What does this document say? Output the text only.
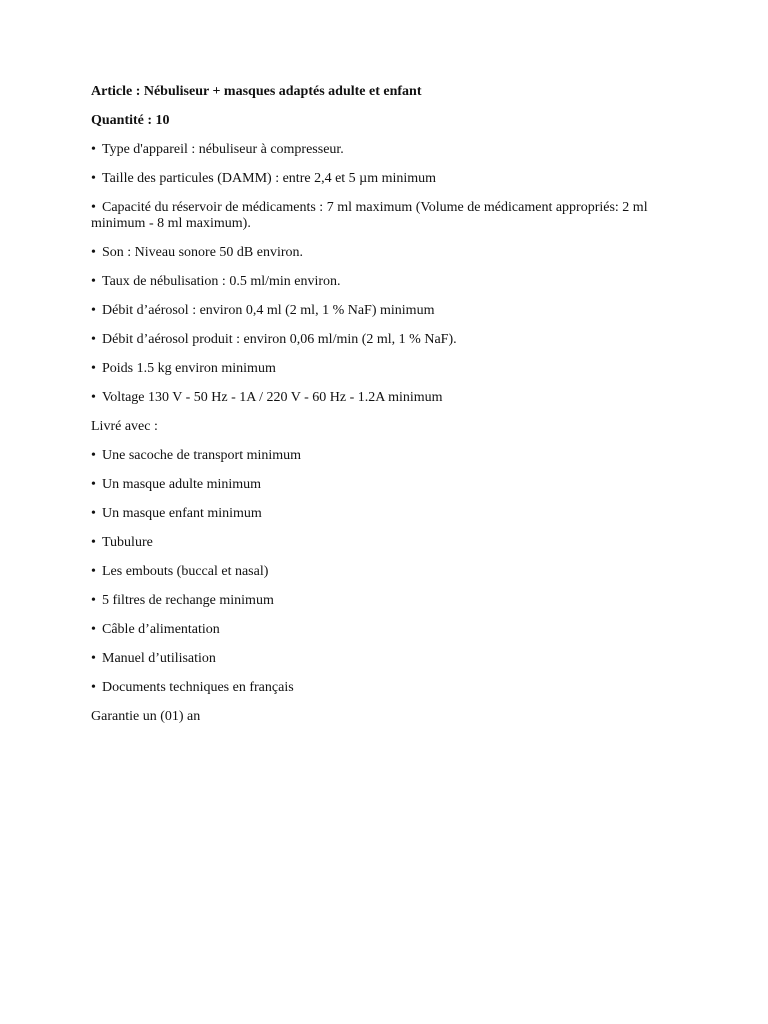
Article : Nébuliseur + masques adaptés adulte et enfant

Quantité : 10

• Type d'appareil : nébuliseur à compresseur.

• Taille des particules (DAMM) : entre 2,4 et 5 µm minimum

• Capacité du réservoir de médicaments : 7 ml maximum (Volume de médicament appropriés: 2 ml minimum - 8 ml maximum).

• Son : Niveau sonore 50 dB environ.

• Taux de nébulisation : 0.5 ml/min environ.

• Débit d’aérosol : environ 0,4 ml (2 ml, 1 % NaF) minimum

• Débit d’aérosol produit : environ 0,06 ml/min (2 ml, 1 % NaF).

• Poids 1.5 kg environ minimum

• Voltage 130 V - 50 Hz - 1A / 220 V - 60 Hz - 1.2A minimum

Livré avec :

• Une sacoche de transport minimum

• Un masque adulte minimum

• Un masque enfant minimum

• Tubulure

• Les embouts (buccal et nasal)

• 5 filtres de rechange minimum

• Câble d’alimentation

• Manuel d’utilisation

• Documents techniques en français

Garantie un (01) an
